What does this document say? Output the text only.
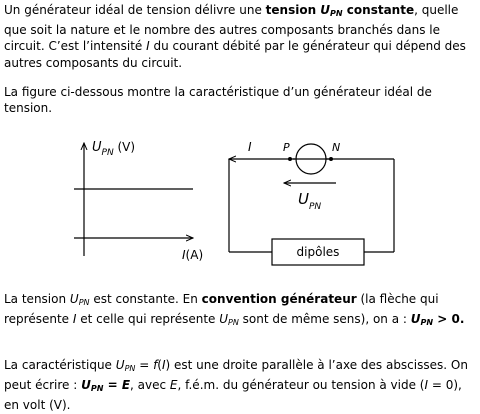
Un générateur idéal de tension délivre une tension UPN constante, quelle que soit la nature et le nombre des autres composants branchés dans le circuit. C’est l’intensité I du courant débité par le générateur qui dépend des autres composants du circuit.

La figure ci-dessous montre la caractéristique d’un générateur idéal de tension.

$U_{PN}$ (V)
I(A)
I	P	N
$U_{PN}$
dipôles

La tension $U_{PN}$ est constante. En convention générateur (la flèche qui représente I et celle qui représente $U_{PN}$ sont de même sens), on a : UPN > 0.

La caractéristique $U_{PN} = f(I)$ est une droite parallèle à l’axe des abscisses. On peut écrire : UPN = E, avec E, f.é.m. du générateur ou tension à vide (I = 0), en volt (V).
